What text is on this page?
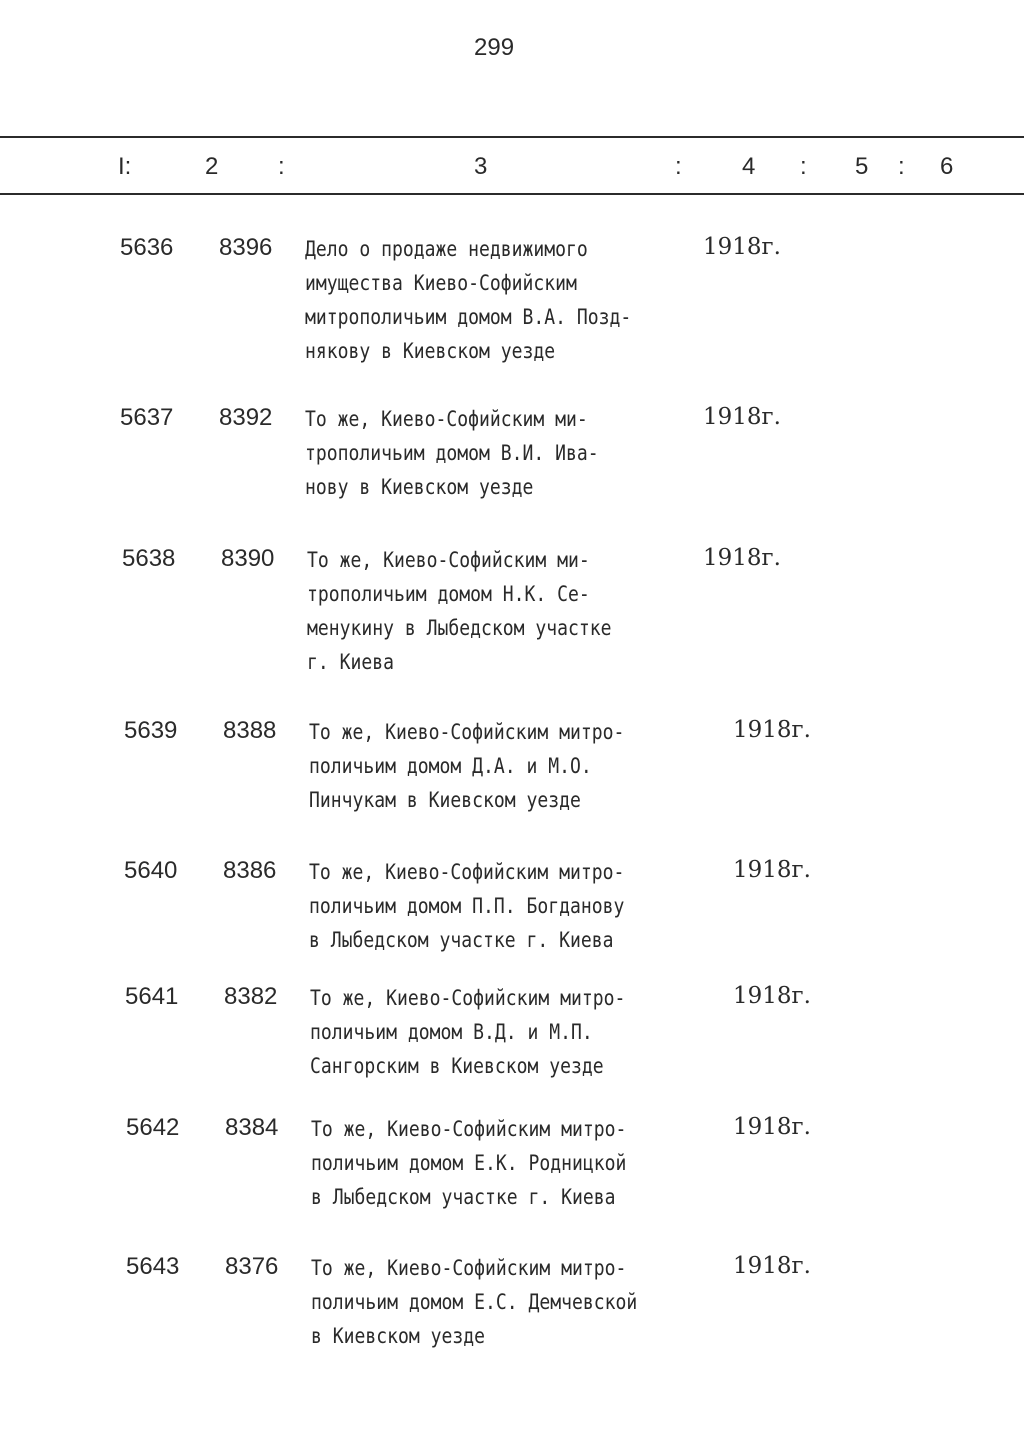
299
I:	2 :	3	:	4 : 5 : 6
5636 8396 Дело о продаже недвижимого
имущества Киево-Софийским
митрополичьим домом В.А. Позд-
някову в Киевском уезде
1918г.
5637 8392 То же, Киево-Софийским ми-
трополичьим домом В.И. Ива-
нову в Киевском уезде
1918г.
5638 8390 То же, Киево-Софийским ми-
трополичьим домом Н.К. Се-
менукину в Лыбедском участке
г. Киева
1918г.
5639 8388 То же, Киево-Софийским митро-
поличьим домом Д.А. и М.О.
Пинчукам в Киевском уезде
1918г.
5640 8386 То же, Киево-Софийским митро-
поличьим домом П.П. Богданову
в Лыбедском участке г. Киева
1918г.
5641 8382 То же, Киево-Софийским митро-
поличьим домом В.Д. и М.П.
Сангорским в Киевском уезде
1918г.
5642 8384 То же, Киево-Софийским митро-
поличьим домом Е.К. Родницкой
в Лыбедском участке г. Киева
1918г.
5643 8376 То же, Киево-Софийским митро-
поличьим домом Е.С. Демчевской
в Киевском уезде
1918г.
